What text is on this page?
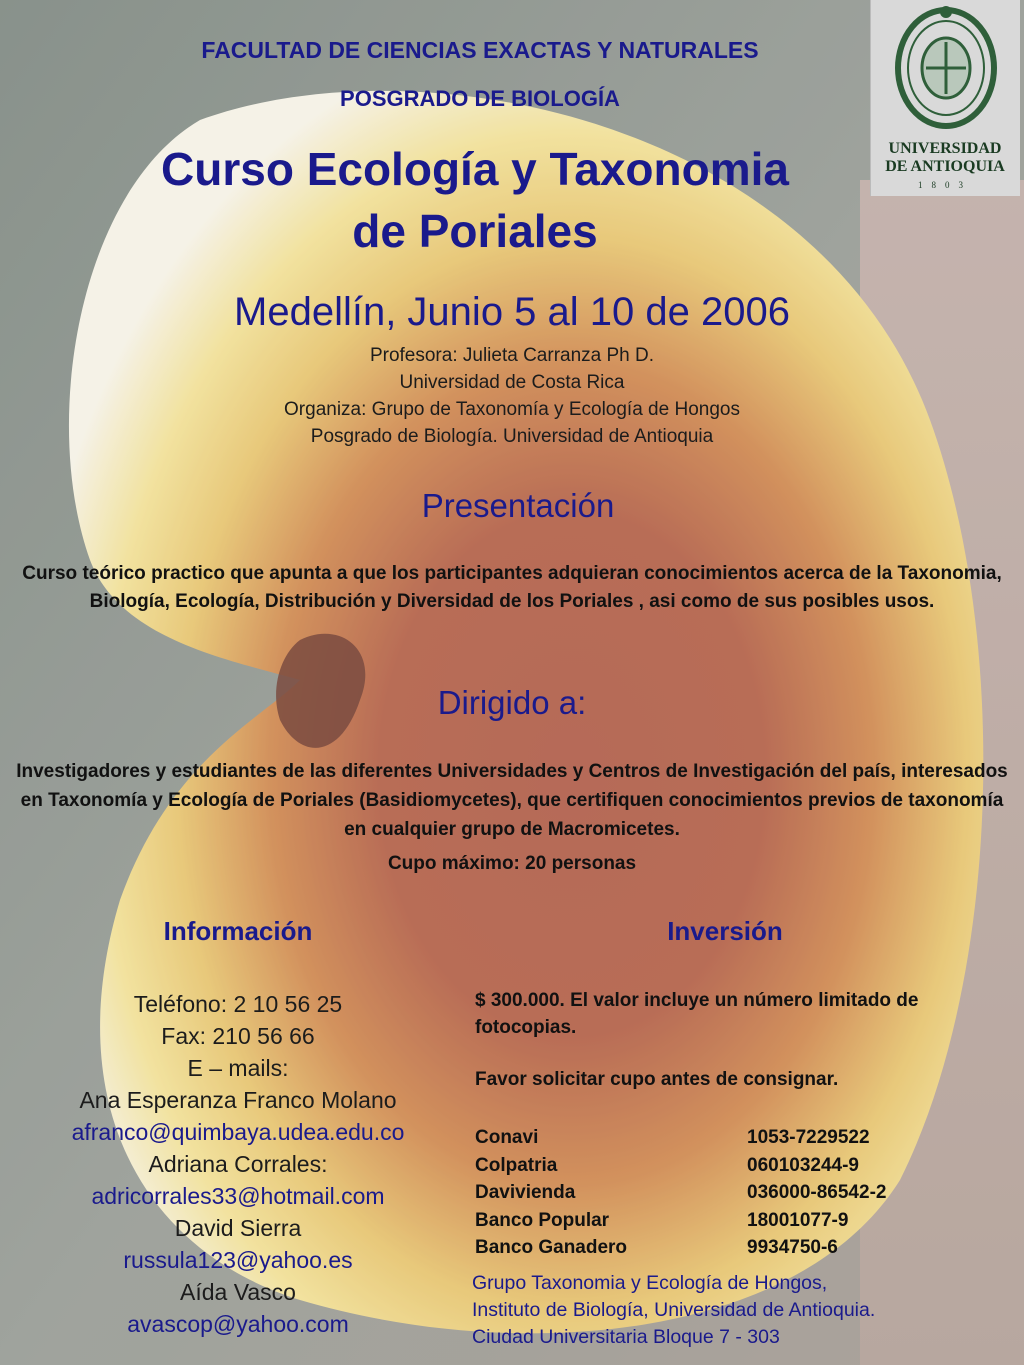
UNIVERSIDAD
DE ANTIOQUIA
1803
FACULTAD DE CIENCIAS EXACTAS Y NATURALES
POSGRADO DE BIOLOGÍA
Curso Ecología y Taxonomia
de Poriales
Medellín, Junio 5 al 10 de 2006
Profesora: Julieta Carranza Ph D.
Universidad de Costa Rica
Organiza: Grupo de Taxonomía y Ecología de Hongos
Posgrado de Biología. Universidad de Antioquia
Presentación
Curso teórico practico que apunta a que los participantes adquieran conocimientos acerca de la Taxonomia, Biología, Ecología, Distribución y Diversidad de los Poriales , asi como de sus posibles usos.
Dirigido a:
Investigadores y estudiantes de las diferentes Universidades y Centros de Investigación del país, interesados en Taxonomía y Ecología de Poriales (Basidiomycetes), que certifiquen conocimientos previos de taxonomía en cualquier grupo de Macromicetes.
Cupo máximo: 20 personas
Información
Teléfono: 2 10 56 25
Fax: 210 56 66
E – mails:
Ana Esperanza Franco Molano
afranco@quimbaya.udea.edu.co
Adriana Corrales:
adricorrales33@hotmail.com
David Sierra
russula123@yahoo.es
Aída Vasco
avascop@yahoo.com
Inversión
$ 300.000. El valor incluye un número limitado de fotocopias.
Favor solicitar cupo antes de consignar.
Conavi	1053-7229522
Colpatria	060103244-9
Davivienda	036000-86542-2
Banco Popular	18001077-9
Banco Ganadero	9934750-6
Grupo Taxonomia y Ecología de Hongos,
Instituto de Biología, Universidad de Antioquia.
Ciudad Universitaria Bloque 7 - 303
